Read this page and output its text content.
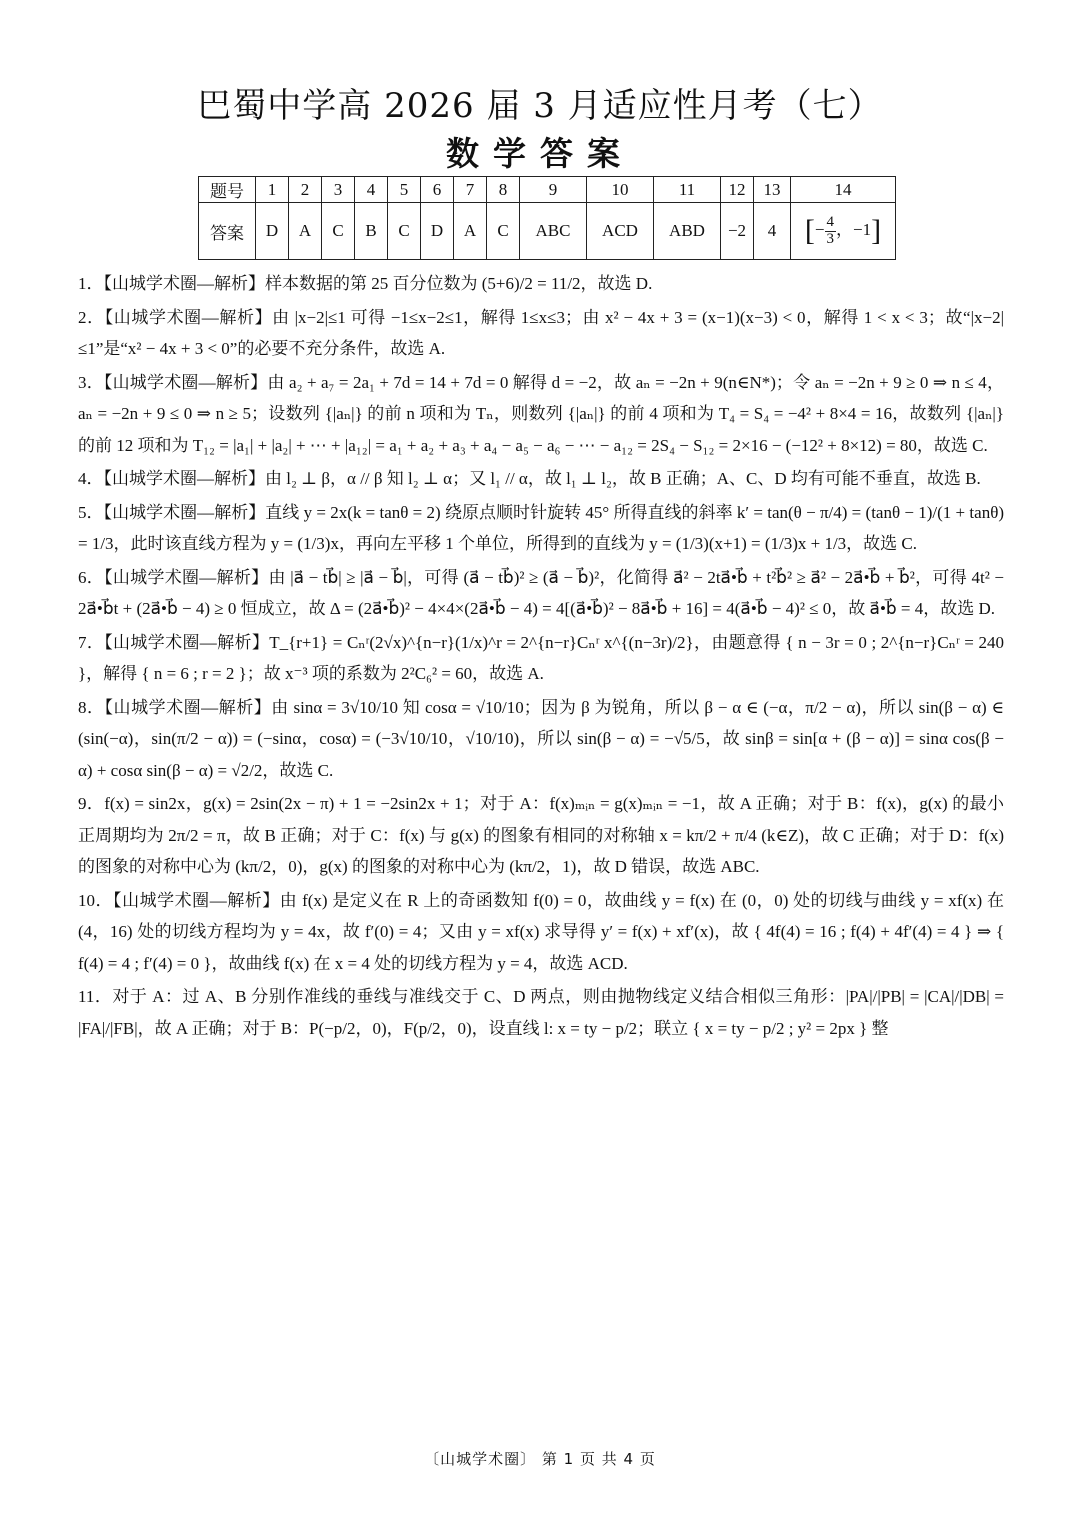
巴蜀中学高 2026 届 3 月适应性月考（七）
数学答案
题号	1	2	3	4	5	6	7	8	9	10	11	12	13	14
答案	D	A	C	B	C	D	A	C	ABC	ACD	ABD	−2	4	[− $\frac{4}{3}$ ，−1]

1．【山城学术圈—解析】样本数据的第 25 百分位数为 (5+6)/2 = 11/2，故选 D.

2．【山城学术圈—解析】由 |x−2|≤1 可得 −1≤x−2≤1，解得 1≤x≤3；由 x² − 4x + 3 = (x−1)(x−3) < 0，解得 1 < x < 3；故“|x−2|≤1”是“x² − 4x + 3 < 0”的必要不充分条件，故选 A.

3．【山城学术圈—解析】由 a₂ + a₇ = 2a₁ + 7d = 14 + 7d = 0 解得 d = −2，故 aₙ = −2n + 9(n∈N*)；令 aₙ = −2n + 9 ≥ 0 ⇒ n ≤ 4， aₙ = −2n + 9 ≤ 0 ⇒ n ≥ 5；设数列 {|aₙ|} 的前 n 项和为 Tₙ，则数列 {|aₙ|} 的前 4 项和为 T₄ = S₄ = −4² + 8×4 = 16，故数列 {|aₙ|} 的前 12 项和为 T₁₂ = |a₁| + |a₂| + ⋯ + |a₁₂| = a₁ + a₂ + a₃ + a₄ − a₅ − a₆ − ⋯ − a₁₂ = 2S₄ − S₁₂ = 2×16 − (−12² + 8×12) = 80，故选 C.

4．【山城学术圈—解析】由 l₂ ⊥ β，α // β 知 l₂ ⊥ α；又 l₁ // α，故 l₁ ⊥ l₂，故 B 正确；A、C、D 均有可能不垂直，故选 B.

5．【山城学术圈—解析】直线 y = 2x(k = tanθ = 2) 绕原点顺时针旋转 45° 所得直线的斜率 k′ = tan(θ − π/4) = (tanθ − 1)/(1 + tanθ) = 1/3，此时该直线方程为 y = (1/3)x，再向左平移 1 个单位，所得到的直线为 y = (1/3)(x+1) = (1/3)x + 1/3，故选 C.

6．【山城学术圈—解析】由 |a⃗ − tb⃗| ≥ |a⃗ − b⃗|，可得 (a⃗ − tb⃗)² ≥ (a⃗ − b⃗)²，化简得 a⃗² − 2ta⃗•b⃗ + t²b⃗² ≥ a⃗² − 2a⃗•b⃗ + b⃗²，可得 4t² − 2a⃗•b⃗t + (2a⃗•b⃗ − 4) ≥ 0 恒成立，故 Δ = (2a⃗•b⃗)² − 4×4×(2a⃗•b⃗ − 4) = 4[(a⃗•b⃗)² − 8a⃗•b⃗ + 16] = 4(a⃗•b⃗ − 4)² ≤ 0，故 a⃗•b⃗ = 4，故选 D.

7．【山城学术圈—解析】T_{r+1} = Cₙʳ(2√x)^{n−r}(1/x)^r = 2^{n−r}Cₙʳ x^{(n−3r)/2}，由题意得 { n − 3r = 0 ; 2^{n−r}Cₙʳ = 240 }，解得 { n = 6 ; r = 2 }；故 x⁻³ 项的系数为 2²C₆² = 60，故选 A.

8．【山城学术圈—解析】由 sinα = 3√10/10 知 cosα = √10/10；因为 β 为锐角，所以 β − α ∈ (−α，π/2 − α)，所以 sin(β − α) ∈ (sin(−α)，sin(π/2 − α)) = (−sinα，cosα) = (−3√10/10，√10/10)，所以 sin(β − α) = −√5/5，故 sinβ = sin[α + (β − α)] = sinα cos(β − α) + cosα sin(β − α) = √2/2，故选 C.

9．f(x) = sin2x，g(x) = 2sin(2x − π) + 1 = −2sin2x + 1；对于 A：f(x)ₘᵢₙ = g(x)ₘᵢₙ = −1，故 A 正确；对于 B：f(x)，g(x) 的最小正周期均为 2π/2 = π，故 B 正确；对于 C：f(x) 与 g(x) 的图象有相同的对称轴 x = kπ/2 + π/4 (k∈Z)，故 C 正确；对于 D：f(x) 的图象的对称中心为 (kπ/2，0)，g(x) 的图象的对称中心为 (kπ/2，1)，故 D 错误，故选 ABC.

10．【山城学术圈—解析】由 f(x) 是定义在 R 上的奇函数知 f(0) = 0，故曲线 y = f(x) 在 (0，0) 处的切线与曲线 y = xf(x) 在 (4，16) 处的切线方程均为 y = 4x，故 f′(0) = 4；又由 y = xf(x) 求导得 y′ = f(x) + xf′(x)，故 { 4f(4) = 16 ; f(4) + 4f′(4) = 4 } ⇒ { f(4) = 4 ; f′(4) = 0 }，故曲线 f(x) 在 x = 4 处的切线方程为 y = 4，故选 ACD.

11．对于 A：过 A、B 分别作准线的垂线与准线交于 C、D 两点，则由抛物线定义结合相似三角形：|PA|/|PB| = |CA|/|DB| = |FA|/|FB|，故 A 正确；对于 B：P(−p/2，0)，F(p/2，0)，设直线 l: x = ty − p/2；联立 { x = ty − p/2 ; y² = 2px } 整

〔山城学术圈〕 第 1 页 共 4 页
